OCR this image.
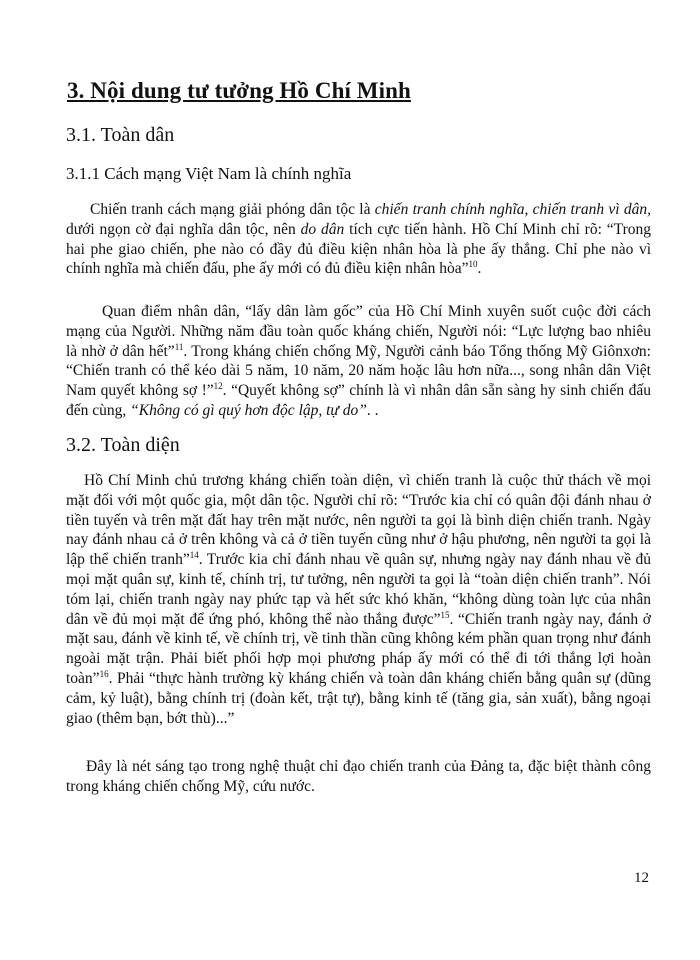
3. Nội dung tư tưởng Hồ Chí Minh
3.1. Toàn dân
3.1.1 Cách mạng Việt Nam là chính nghĩa

Chiến tranh cách mạng giải phóng dân tộc là chiến tranh chính nghĩa, chiến tranh vì dân, dưới ngọn cờ đại nghĩa dân tộc, nên do dân tích cực tiến hành. Hồ Chí Minh chỉ rõ: “Trong hai phe giao chiến, phe nào có đầy đủ điều kiện nhân hòa là phe ấy thắng. Chỉ phe nào vì chính nghĩa mà chiến đấu, phe ấy mới có đủ điều kiện nhân hòa”$^{10}$.

Quan điểm nhân dân, “lấy dân làm gốc” của Hồ Chí Minh xuyên suốt cuộc đời cách mạng của Người. Những năm đầu toàn quốc kháng chiến, Người nói: “Lực lượng bao nhiêu là nhờ ở dân hết”$^{11}$. Trong kháng chiến chống Mỹ, Người cảnh báo Tổng thống Mỹ Giônxơn: “Chiến tranh có thể kéo dài 5 năm, 10 năm, 20 năm hoặc lâu hơn nữa..., song nhân dân Việt Nam quyết không sợ !”$^{12}$. “Quyết không sợ” chính là vì nhân dân sẵn sàng hy sinh chiến đấu đến cùng, “Không có gì quý hơn độc lập, tự do”. .

3.2. Toàn diện

Hồ Chí Minh chủ trương kháng chiến toàn diện, vì chiến tranh là cuộc thử thách về mọi mặt đối với một quốc gia, một dân tộc. Người chỉ rõ: “Trước kia chỉ có quân đội đánh nhau ở tiền tuyến và trên mặt đất hay trên mặt nước, nên người ta gọi là bình diện chiến tranh. Ngày nay đánh nhau cả ở trên không và cả ở tiền tuyến cũng như ở hậu phương, nên người ta gọi là lập thể chiến tranh”$^{14}$. Trước kia chỉ đánh nhau về quân sự, nhưng ngày nay đánh nhau về đủ mọi mặt quân sự, kinh tế, chính trị, tư tưởng, nên người ta gọi là “toàn diện chiến tranh”. Nói tóm lại, chiến tranh ngày nay phức tạp và hết sức khó khăn, “không dùng toàn lực của nhân dân về đủ mọi mặt để ứng phó, không thể nào thắng được”$^{15}$. “Chiến tranh ngày nay, đánh ở mặt sau, đánh về kinh tế, về chính trị, về tinh thần cũng không kém phần quan trọng như đánh ngoài mặt trận. Phải biết phối hợp mọi phương pháp ấy mới có thể đi tới thắng lợi hoàn toàn”$^{16}$. Phải “thực hành trường kỳ kháng chiến và toàn dân kháng chiến bằng quân sự (dũng cảm, kỷ luật), bằng chính trị (đoàn kết, trật tự), bằng kinh tế (tăng gia, sản xuất), bằng ngoại giao (thêm bạn, bớt thù)...”

Đây là nét sáng tạo trong nghệ thuật chỉ đạo chiến tranh của Đảng ta, đặc biệt thành công trong kháng chiến chống Mỹ, cứu nước.

12
